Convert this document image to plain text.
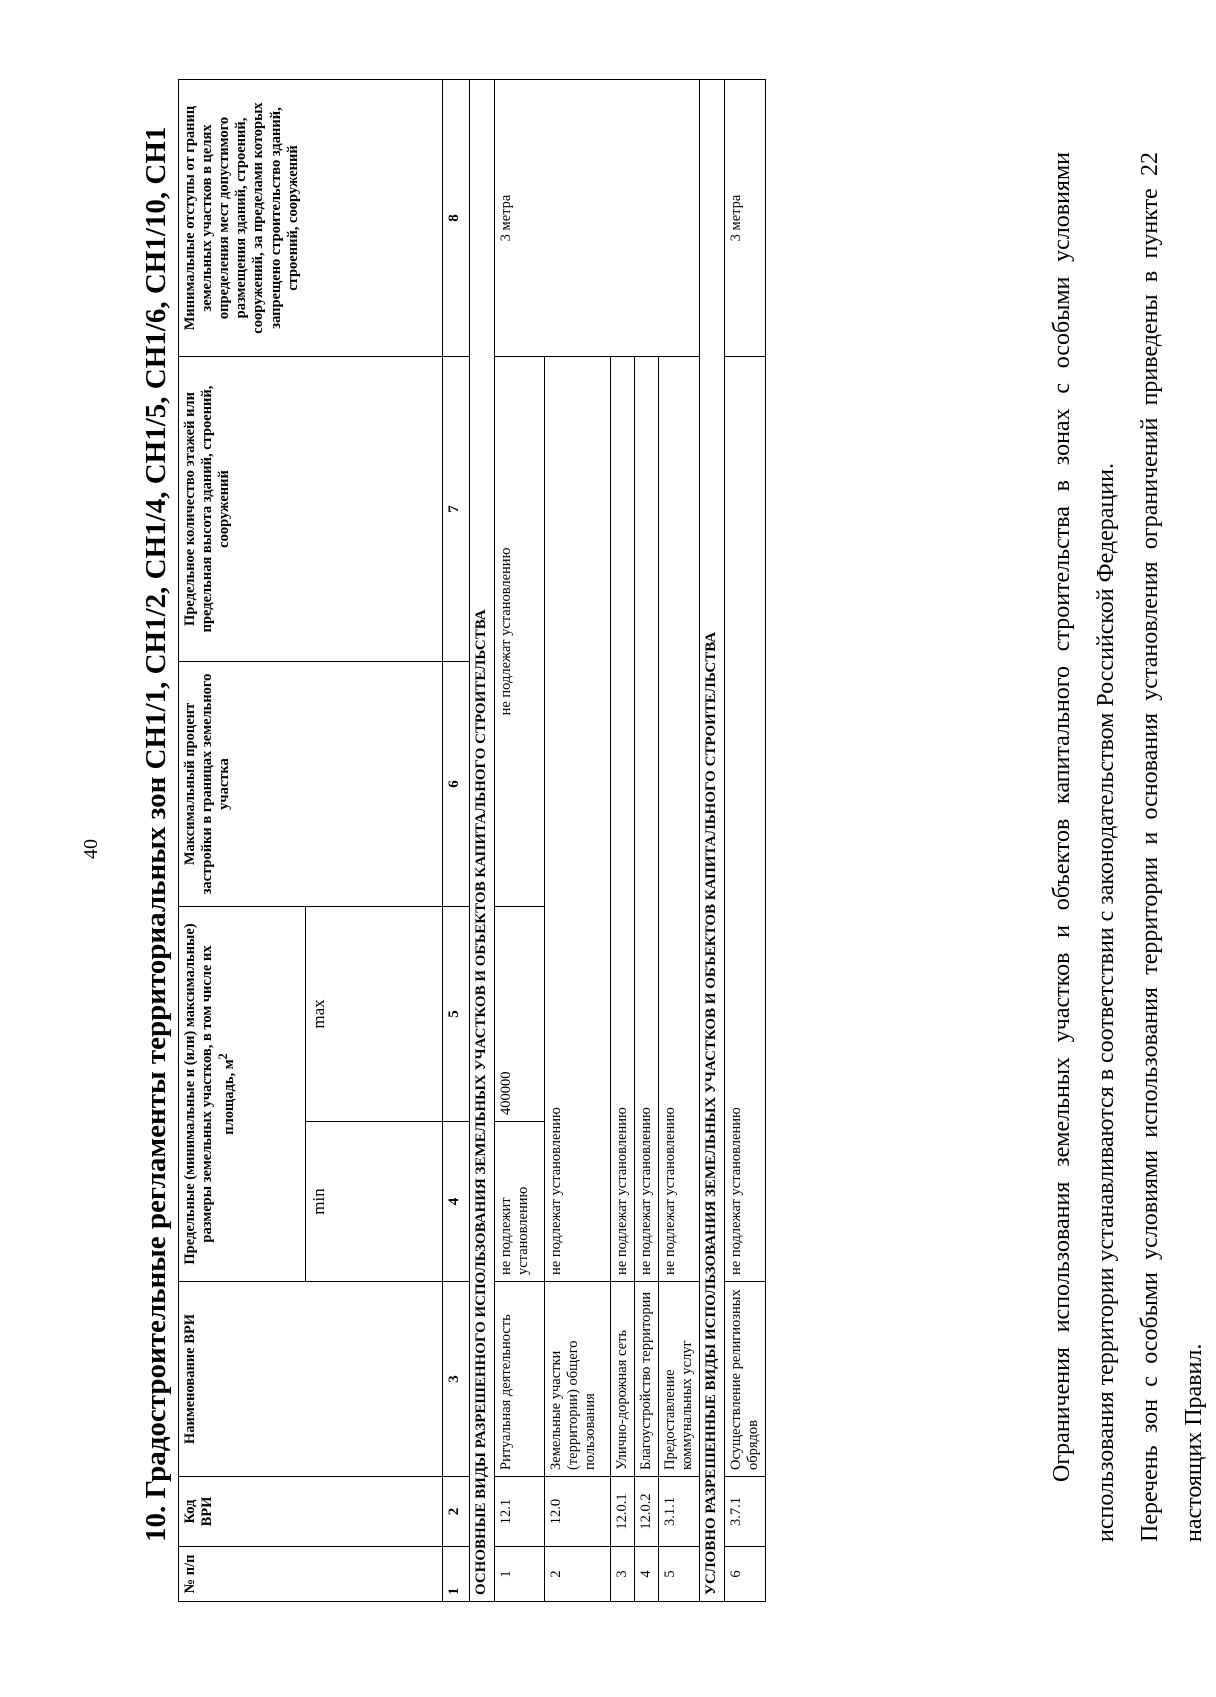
40 10. Градостроительные регламенты территориальных зон СН1/1, СН1/2, СН1/4, СН1/5, СН1/6, СН1/10, СН1
№ п/п	Код ВРИ	Наименование ВРИ	Предельные (минимальные и (или) максимальные) размеры земельных участков, в том числе их площадь, $м^2$		Максимальный процент застройки в границах земельного участка	Предельное количество этажей или предельная высота зданий, строений, сооружений	Минимальные отступы от границ земельных участков в целях определения мест допустимого размещения зданий, строений, сооружений, за пределами которых запрещено строительство зданий, строений, сооружений
			min	max			
1	2	3	4	5	6	7	8
ОСНОВНЫЕ ВИДЫ РАЗРЕШЕННОГО ИСПОЛЬЗОВАНИЯ ЗЕМЕЛЬНЫХ УЧАСТКОВ И ОБЪЕКТОВ КАПИТАЛЬНОГО СТРОИТЕЛЬСТВА							
1	12.1	Ритуальная деятельность	не подлежит установлению	400000	не подлежат установлению		3 метра
2	12.0	Земельные участки (территории) общего пользования	не подлежат установлению				
3	12.0.1	Улично-дорожная сеть	не подлежат установлению				
4	12.0.2	Благоустройство территории	не подлежат установлению				
5	3.1.1	Предоставление коммунальных услуг	не подлежат установлению				
УСЛОВНО РАЗРЕШЕННЫЕ ВИДЫ ИСПОЛЬЗОВАНИЯ ЗЕМЕЛЬНЫХ УЧАСТКОВ И ОБЪЕКТОВ КАПИТАЛЬНОГО СТРОИТЕЛЬСТВА							
6	3.7.1	Осуществление религиозных обрядов	не подлежат установлению				3 метра	Ограничения использования земельных участков и объектов капитального строительства в зонах с особыми условиями использования территории устанавливаются в соответствии с законодательством Российской Федерации. Перечень зон с особыми условиями использования территории и основания установления ограничений приведены в пункте 22 настоящих Правил.
